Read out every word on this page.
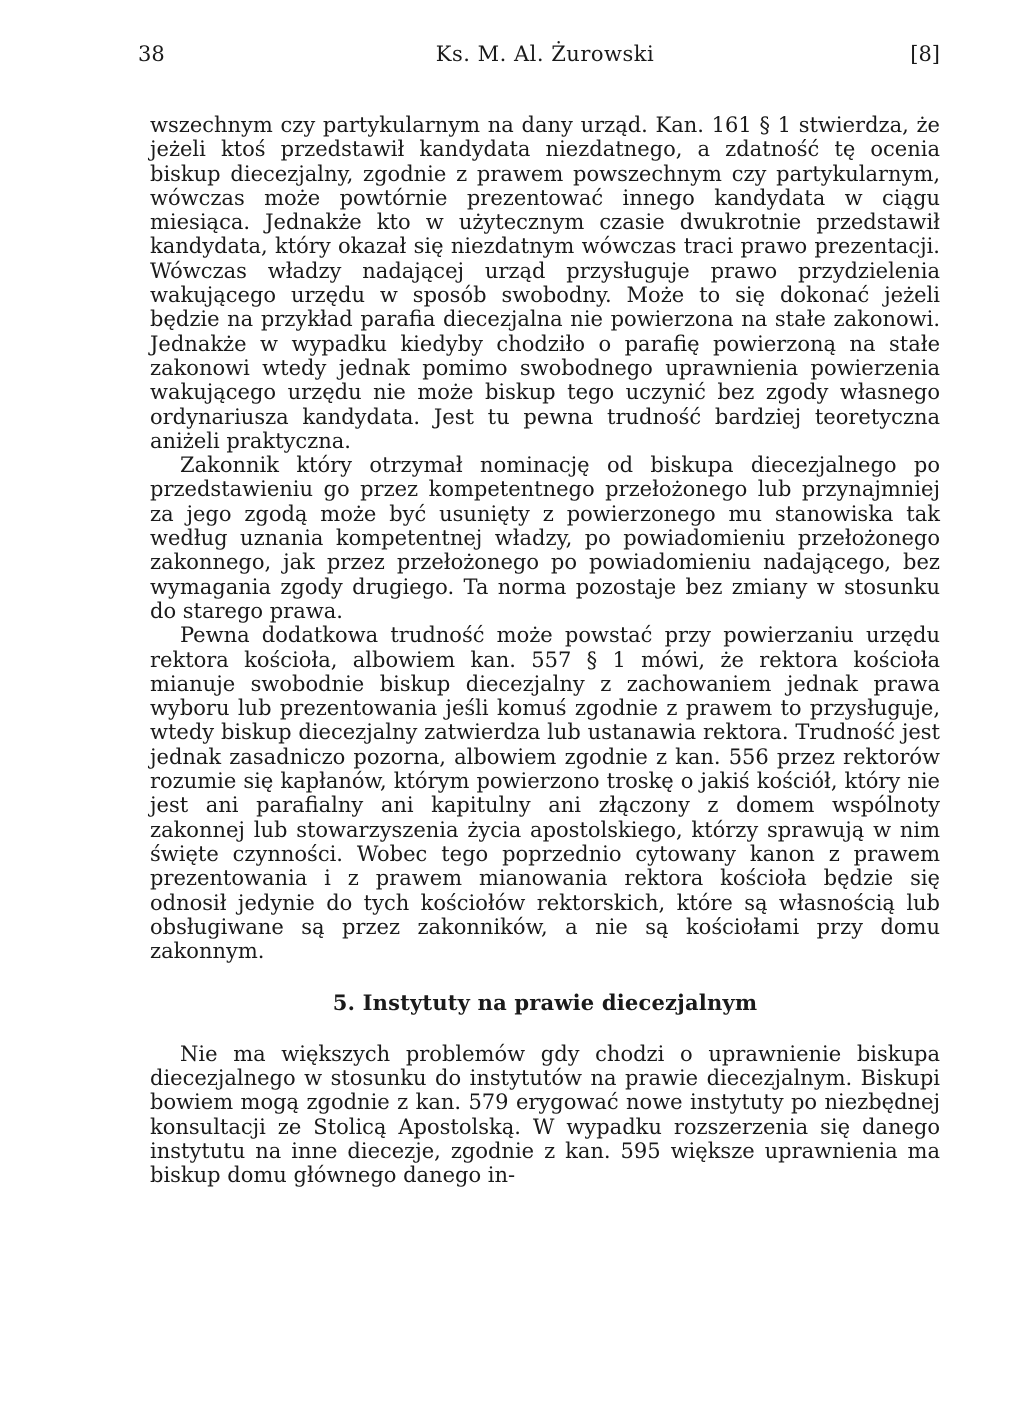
38	Ks. M. Al. Żurowski	[8]

wszechnym czy partykularnym na dany urząd. Kan. 161 § 1 stwierdza, że jeżeli ktoś przedstawił kandydata niezdatnego, a zdatność tę ocenia biskup diecezjalny, zgodnie z prawem powszechnym czy partykularnym, wówczas może powtórnie prezentować innego kandydata w ciągu miesiąca. Jednakże kto w użytecznym czasie dwukrotnie przedstawił kandydata, który okazał się niezdatnym wówczas traci prawo prezentacji. Wówczas władzy nadającej urząd przysługuje prawo przydzielenia wakującego urzędu w sposób swobodny. Może to się dokonać jeżeli będzie na przykład parafia diecezjalna nie powierzona na stałe zakonowi. Jednakże w wypadku kiedyby chodziło o parafię powierzoną na stałe zakonowi wtedy jednak pomimo swobodnego uprawnienia powierzenia wakującego urzędu nie może biskup tego uczynić bez zgody własnego ordynariusza kandydata. Jest tu pewna trudność bardziej teoretyczna aniżeli praktyczna.

Zakonnik który otrzymał nominację od biskupa diecezjalnego po przedstawieniu go przez kompetentnego przełożonego lub przynajmniej za jego zgodą może być usunięty z powierzonego mu stanowiska tak według uznania kompetentnej władzy, po powiadomieniu przełożonego zakonnego, jak przez przełożonego po powiadomieniu nadającego, bez wymagania zgody drugiego. Ta norma pozostaje bez zmiany w stosunku do starego prawa.

Pewna dodatkowa trudność może powstać przy powierzaniu urzędu rektora kościoła, albowiem kan. 557 § 1 mówi, że rektora kościoła mianuje swobodnie biskup diecezjalny z zachowaniem jednak prawa wyboru lub prezentowania jeśli komuś zgodnie z prawem to przysługuje, wtedy biskup diecezjalny zatwierdza lub ustanawia rektora. Trudność jest jednak zasadniczo pozorna, albowiem zgodnie z kan. 556 przez rektorów rozumie się kapłanów, którym powierzono troskę o jakiś kościół, który nie jest ani parafialny ani kapitulny ani złączony z domem wspólnoty zakonnej lub stowarzyszenia życia apostolskiego, którzy sprawują w nim święte czynności. Wobec tego poprzednio cytowany kanon z prawem prezentowania i z prawem mianowania rektora kościoła będzie się odnosił jedynie do tych kościołów rektorskich, które są własnością lub obsługiwane są przez zakonników, a nie są kościołami przy domu zakonnym.

5. Instytuty na prawie diecezjalnym

Nie ma większych problemów gdy chodzi o uprawnienie biskupa diecezjalnego w stosunku do instytutów na prawie diecezjalnym. Biskupi bowiem mogą zgodnie z kan. 579 erygować nowe instytuty po niezbędnej konsultacji ze Stolicą Apostolską. W wypadku rozszerzenia się danego instytutu na inne diecezje, zgodnie z kan. 595 większe uprawnienia ma biskup domu głównego danego in-
